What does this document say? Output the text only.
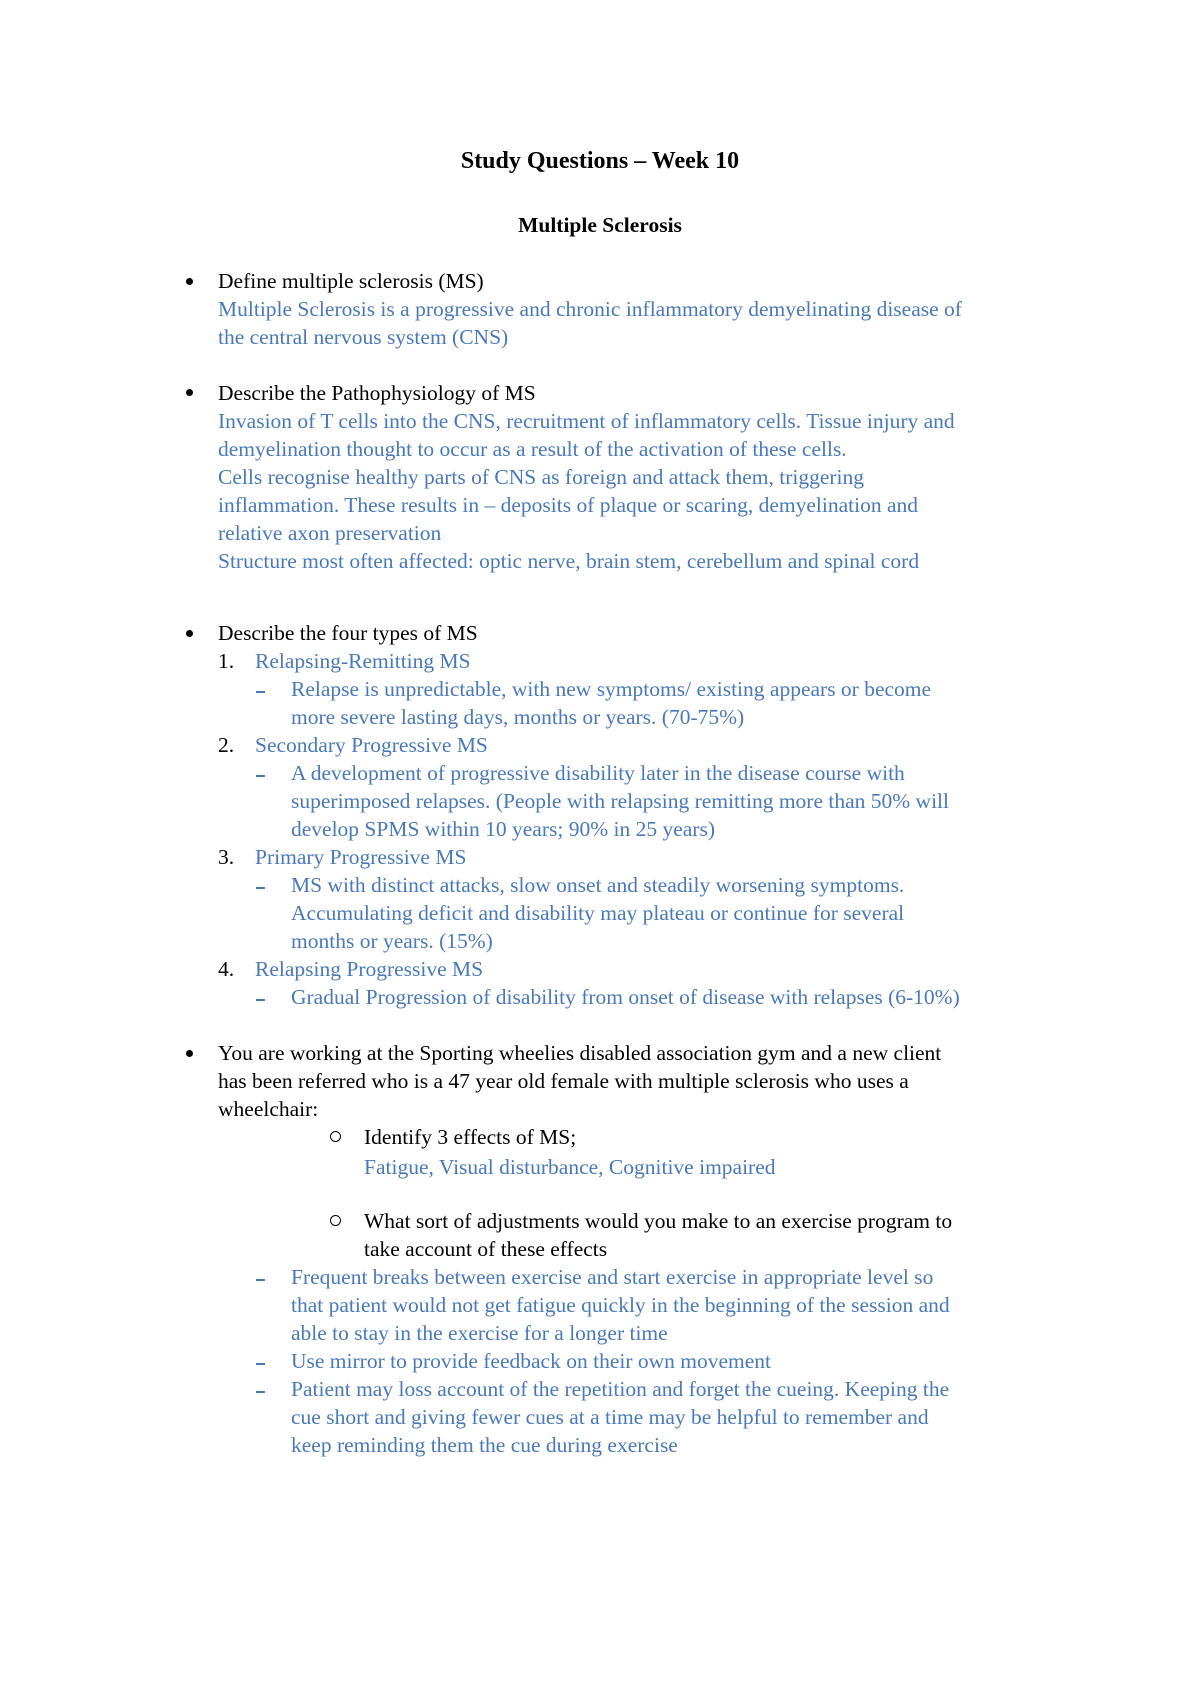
Study Questions – Week 10
Multiple Sclerosis
Define multiple sclerosis (MS)
Multiple Sclerosis is a progressive and chronic inflammatory demyelinating disease of
the central nervous system (CNS)
Describe the Pathophysiology of MS
Invasion of T cells into the CNS, recruitment of inflammatory cells. Tissue injury and
demyelination thought to occur as a result of the activation of these cells.
Cells recognise healthy parts of CNS as foreign and attack them, triggering
inflammation. These results in – deposits of plaque or scaring, demyelination and
relative axon preservation
Structure most often affected: optic nerve, brain stem, cerebellum and spinal cord
Describe the four types of MS
1. Relapsing-Remitting MS
Relapse is unpredictable, with new symptoms/ existing appears or become
more severe lasting days, months or years. (70-75%)
2. Secondary Progressive MS
A development of progressive disability later in the disease course with
superimposed relapses. (People with relapsing remitting more than 50% will
develop SPMS within 10 years; 90% in 25 years)
3. Primary Progressive MS
MS with distinct attacks, slow onset and steadily worsening symptoms.
Accumulating deficit and disability may plateau or continue for several
months or years. (15%)
4. Relapsing Progressive MS
Gradual Progression of disability from onset of disease with relapses (6-10%)
You are working at the Sporting wheelies disabled association gym and a new client
has been referred who is a 47 year old female with multiple sclerosis who uses a
wheelchair:
Identify 3 effects of MS;
Fatigue, Visual disturbance, Cognitive impaired
What sort of adjustments would you make to an exercise program to
take account of these effects
Frequent breaks between exercise and start exercise in appropriate level so
that patient would not get fatigue quickly in the beginning of the session and
able to stay in the exercise for a longer time
Use mirror to provide feedback on their own movement
Patient may loss account of the repetition and forget the cueing. Keeping the
cue short and giving fewer cues at a time may be helpful to remember and
keep reminding them the cue during exercise
